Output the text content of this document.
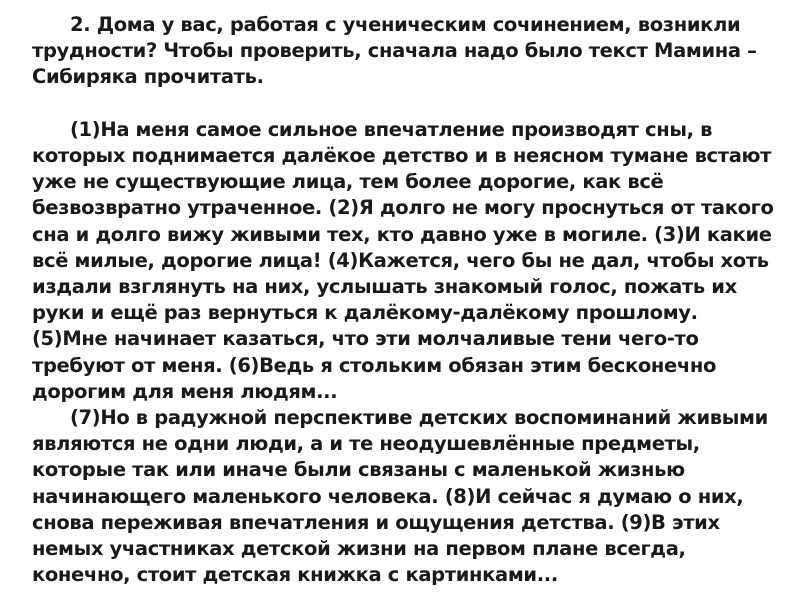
2. Дома у вас, работая с ученическим сочинением, возникли трудности? Чтобы проверить, сначала надо было текст Мамина – Сибиряка прочитать.

(1)На меня самое сильное впечатление производят сны, в которых поднимается далёкое детство и в неясном тумане встают уже не существующие лица, тем более дорогие, как всё безвозвратно утраченное. (2)Я долго не могу проснуться от такого сна и долго вижу живыми тех, кто давно уже в могиле. (3)И какие всё милые, дорогие лица! (4)Кажется, чего бы не дал, чтобы хоть издали взглянуть на них, услышать знакомый голос, пожать их руки и ещё раз вернуться к далёкому-далёкому прошлому. (5)Мне начинает казаться, что эти молчаливые тени чего-то требуют от меня. (6)Ведь я стольким обязан этим бесконечно дорогим для меня людям...

(7)Но в радужной перспективе детских воспоминаний живыми являются не одни люди, а и те неодушевлённые предметы, которые так или иначе были связаны с маленькой жизнью начинающего маленького человека. (8)И сейчас я думаю о них, снова переживая впечатления и ощущения детства. (9)В этих немых участниках детской жизни на первом плане всегда, конечно, стоит детская книжка с картинками...
